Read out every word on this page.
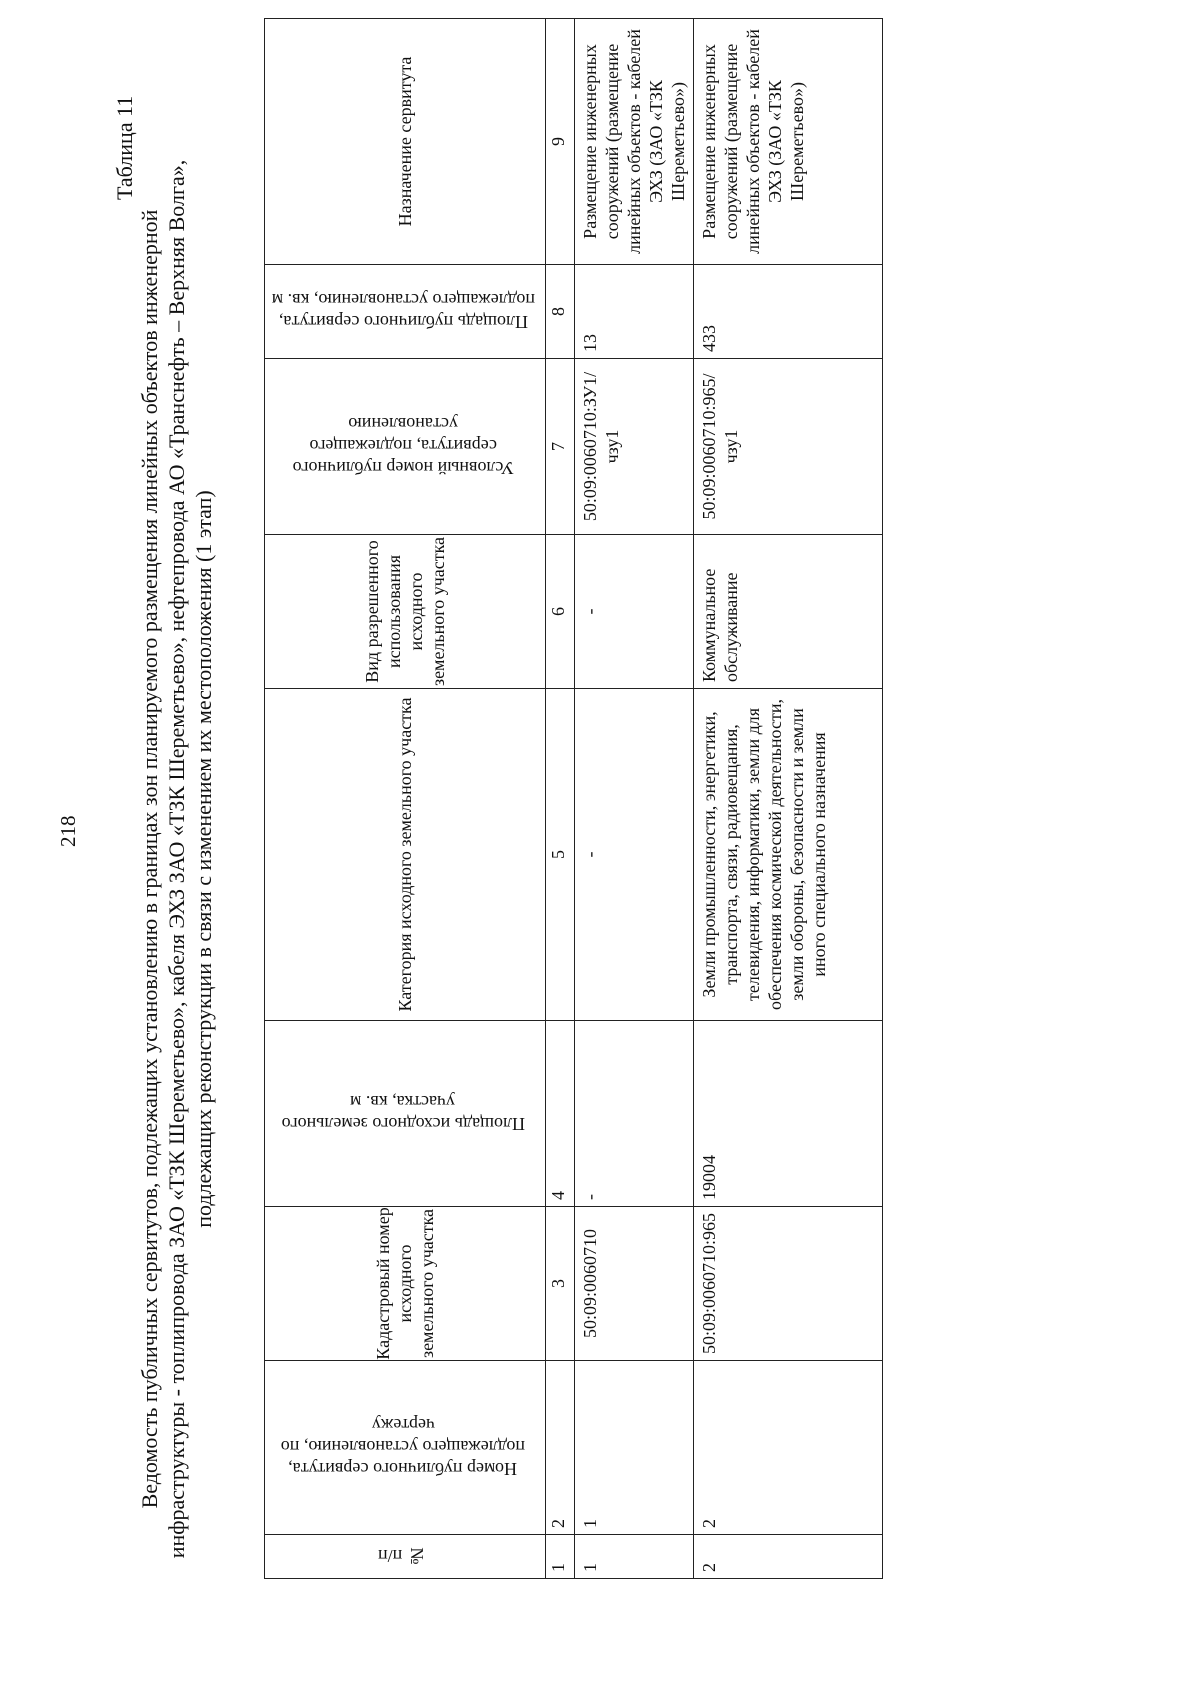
218
Таблица 11
Ведомость публичных сервитутов, подлежащих установлению в границах зон планируемого размещения линейных объектов инженерной инфраструктуры - топлипровода ЗАО «ТЗК Шереметьево», кабеля ЭХЗ ЗАО «ТЗК Шереметьево», нефтепровода АО «Транснефть – Верхняя Волга», подлежащих реконструкции в связи с изменением их местоположения (1 этап)
№ п/п	Номер публичного сервитута, подлежащего установлению, по чертежу	Кадастровый номер исходного земельного участка	Площадь исходного земельного участка, кв. м	Категория исходного земельного участка	Вид разрешенного использования исходного земельного участка	Условный номер публичного сервитута, подлежащего установлению	Площадь публичного сервитута, подлежащего установлению, кв. м	Назначение сервитута
1	2	3	4	5	6	7	8	9
1	1	50:09:0060710	-	-	-	50:09:0060710:ЗУ1/чзу1	13	Размещение инженерных сооружений (размещение линейных объектов - кабелей ЭХЗ (ЗАО «ТЗК Шереметьево»)
2	2	50:09:0060710:965	19004	Земли промышленности, энергетики, транспорта, связи, радиовещания, телевидения, информатики, земли для обеспечения космической деятельности, земли обороны, безопасности и земли иного специального назначения	Коммунальное обслуживание	50:09:0060710:965/чзу1	433	Размещение инженерных сооружений (размещение линейных объектов - кабелей ЭХЗ (ЗАО «ТЗК Шереметьево»)
